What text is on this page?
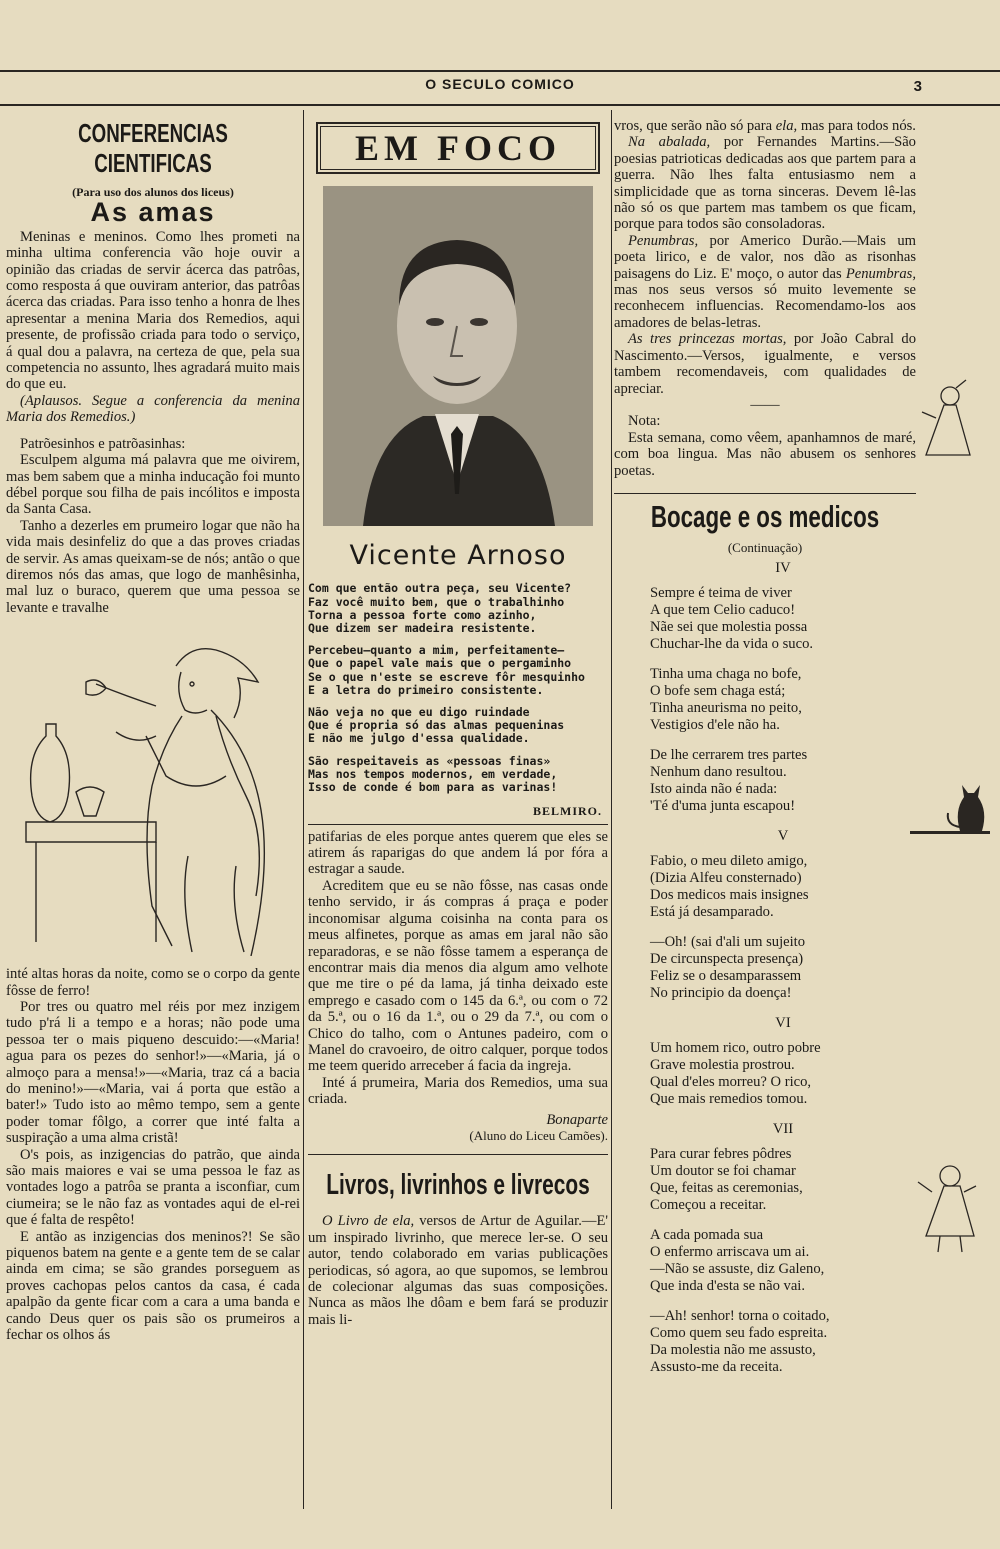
O SECULO COMICO	3
CONFERENCIAS CIENTIFICAS
(Para uso dos alunos dos liceus)
As amas

Meninas e meninos. Como lhes prometi na minha ultima conferencia vão hoje ouvir a opinião das criadas de servir ácerca das patrôas, como resposta á que ouviram anterior, das patrôas ácerca das criadas. Para isso tenho a honra de lhes apresentar a menina Maria dos Remedios, aqui presente, de profissão criada para todo o serviço, á qual dou a palavra, na certeza de que, pela sua competencia no assunto, lhes agradará muito mais do que eu.

(Aplausos. Segue a conferencia da menina Maria dos Remedios.)

Patrõesinhos e patrõasinhas:

Esculpem alguma má palavra que me oivirem, mas bem sabem que a minha inducação foi munto débel porque sou filha de pais incólitos e imposta da Santa Casa.

Tanho a dezerles em prumeiro logar que não ha vida mais desinfeliz do que a das proves criadas de servir. As amas queixam-se de nós; antão o que diremos nós das amas, que logo de manhêsinha, mal luz o buraco, querem que uma pessoa se levante e travalhe

inté altas horas da noite, como se o corpo da gente fôsse de ferro!

Por tres ou quatro mel réis por mez inzigem tudo p'rá li a tempo e a horas; não pode uma pessoa ter o mais piqueno descuido:—«Maria! agua para os pezes do senhor!»—«Maria, já o almoço para a mensa!»—«Maria, traz cá a bacia do menino!»—«Maria, vai á porta que estão a bater!» Tudo isto ao mêmo tempo, sem a gente poder tomar fôlgo, a correr que inté falta a suspiração a uma alma cristã!

O's pois, as inzigencias do patrão, que ainda são mais maiores e vai se uma pessoa le faz as vontades logo a patrôa se pranta a isconfiar, cum ciumeira; se le não faz as vontades aqui de el-rei que é falta de respêto!

E antão as inzigencias dos meninos?! Se são piquenos batem na gente e a gente tem de se calar ainda em cima; se são grandes porseguem as proves cachopas pelos cantos da casa, é cada apalpão da gente ficar com a cara a uma banda e cando Deus quer os pais são os prumeiros a fechar os olhos ás

EM FOCO
Vicente Arnoso
Com que então outra peça, seu Vicente?
Faz você muito bem, que o trabalhinho
Torna a pessoa forte como azinho,
Que dizem ser madeira resistente.
Percebeu—quanto a mim, perfeitamente—
Que o papel vale mais que o pergaminho
Se o que n'este se escreve fôr mesquinho
E a letra do primeiro consistente.
Não veja no que eu digo ruindade
Que é propria só das almas pequeninas
E não me julgo d'essa qualidade.
São respeitaveis as «pessoas finas»
Mas nos tempos modernos, em verdade,
Isso de conde é bom para as varinas!
BELMIRO.

patifarias de eles porque antes querem que eles se atirem ás raparigas do que andem lá por fóra a estragar a saude.

Acreditem que eu se não fôsse, nas casas onde tenho servido, ir ás compras á praça e poder inconomisar alguma coisinha na conta para os meus alfinetes, porque as amas em jaral não são reparadoras, e se não fôsse tamem a esperança de encontrar mais dia menos dia algum amo velhote que me tire o pé da lama, já tinha deixado este emprego e casado com o 145 da 6.ª, ou com o 72 da 5.ª, ou o 16 da 1.ª, ou o 29 da 7.ª, ou com o Chico do talho, com o Antunes padeiro, com o Manel do cravoeiro, de oitro calquer, porque todos me teem querido arreceber á facia da ingreja.

Inté á prumeira, Maria dos Remedios, uma sua criada.

Bonaparte
(Aluno do Liceu Camões).
Livros, livrinhos e livrecos

O Livro de ela, versos de Artur de Aguilar.—E' um inspirado livrinho, que merece ler-se. O seu autor, tendo colaborado em varias publicações periodicas, só agora, ao que supomos, se lembrou de colecionar algumas das suas composições. Nunca as mãos lhe dôam e bem fará se produzir mais li-

vros, que serão não só para ela, mas para todos nós.

Na abalada, por Fernandes Martins.—São poesias patrioticas dedicadas aos que partem para a guerra. Não lhes falta entusiasmo nem a simplicidade que as torna sinceras. Devem lê-las não só os que partem mas tambem os que ficam, porque para todos são consoladoras.

Penumbras, por Americo Durão.—Mais um poeta lirico, e de valor, nos dão as risonhas paisagens do Liz. E' moço, o autor das Penumbras, mas nos seus versos só muito levemente se reconhecem influencias. Recomendamo-los aos amadores de belas-letras.

As tres princezas mortas, por João Cabral do Nascimento.—Versos, igualmente, e versos tambem recomendaveis, com qualidades de apreciar.

——

Nota:

Esta semana, como vêem, apanhamnos de maré, com boa lingua. Mas não abusem os senhores poetas.

Bocage e os medicos
(Continuação)
IV
Sempre é teima de viver
A que tem Celio caduco!
Nãe sei que molestia possa
Chuchar-lhe da vida o suco.
Tinha uma chaga no bofe,
O bofe sem chaga está;
Tinha aneurisma no peito,
Vestigios d'ele não ha.
De lhe cerrarem tres partes
Nenhum dano resultou.
Isto ainda não é nada:
'Té d'uma junta escapou!
V
Fabio, o meu dileto amigo,
(Dizia Alfeu consternado)
Dos medicos mais insignes
Está já desamparado.
—Oh! (sai d'ali um sujeito
De circunspecta presença)
Feliz se o desamparassem
No principio da doença!
VI
Um homem rico, outro pobre
Grave molestia prostrou.
Qual d'eles morreu? O rico,
Que mais remedios tomou.
VII
Para curar febres pôdres
Um doutor se foi chamar
Que, feitas as ceremonias,
Começou a receitar.
A cada pomada sua
O enfermo arriscava um ai.
—Não se assuste, diz Galeno,
Que inda d'esta se não vai.
—Ah! senhor! torna o coitado,
Como quem seu fado espreita.
Da molestia não me assusto,
Assusto-me da receita.
